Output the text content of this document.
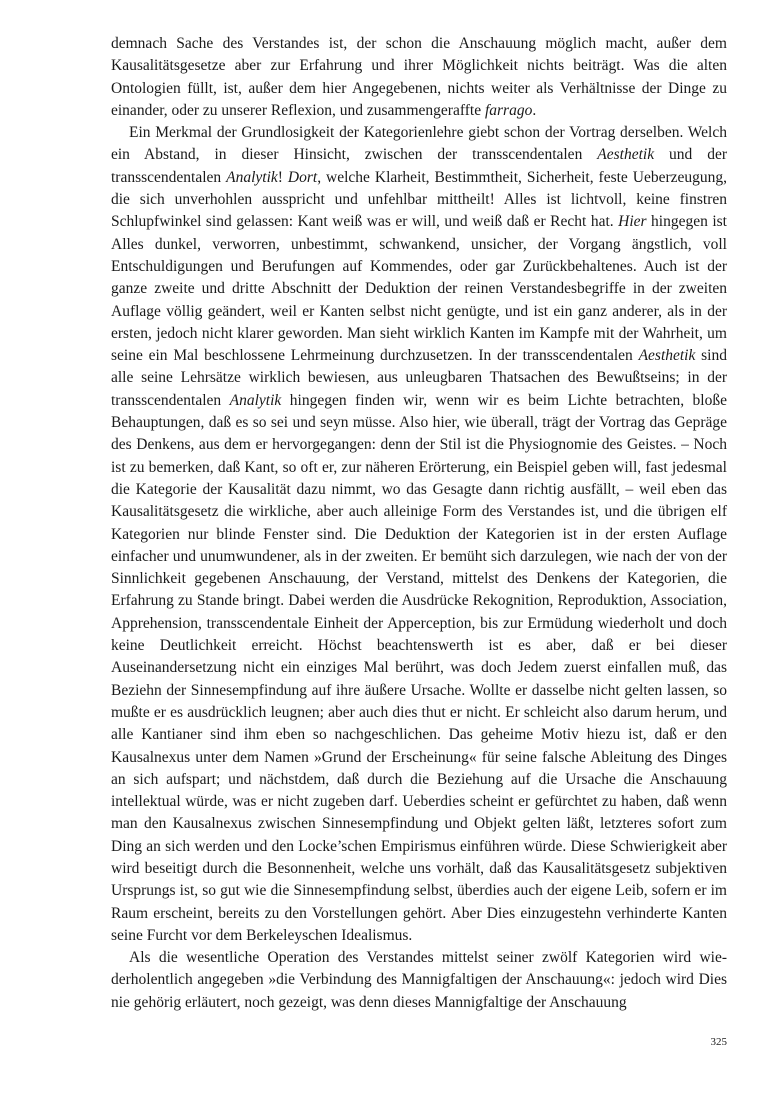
demnach Sache des Verstandes ist, der schon die Anschauung möglich macht, außer dem Kausalitätsgesetze aber zur Erfahrung und ihrer Möglichkeit nichts beiträgt. Was die alten Ontologien füllt, ist, außer dem hier Angegebenen, nichts weiter als Verhältnisse der Dinge zu einander, oder zu unserer Reflexion, und zusammengeraffte farrago.

Ein Merkmal der Grundlosigkeit der Kategorienlehre giebt schon der Vortrag derselben. Welch ein Abstand, in dieser Hinsicht, zwischen der transscendentalen Aesthetik und der transscendentalen Analytik! Dort, welche Klarheit, Bestimmtheit, Sicherheit, feste Ueberzeugung, die sich unverhohlen ausspricht und unfehlbar mittheilt! Alles ist lichtvoll, keine finstren Schlupfwinkel sind gelassen: Kant weiß was er will, und weiß daß er Recht hat. Hier hingegen ist Alles dunkel, verworren, unbestimmt, schwankend, unsicher, der Vorgang ängstlich, voll Entschuldigungen und Berufungen auf Kommendes, oder gar Zurückbehaltenes. Auch ist der ganze zweite und dritte Abschnitt der Deduktion der reinen Verstandesbegriffe in der zweiten Auflage völlig geändert, weil er Kanten selbst nicht genügte, und ist ein ganz anderer, als in der ersten, jedoch nicht klarer geworden. Man sieht wirklich Kanten im Kampfe mit der Wahrheit, um seine ein Mal beschlossene Lehrmeinung durchzusetzen. In der transscendentalen Aesthetik sind alle seine Lehrsätze wirklich bewiesen, aus unleugbaren Thatsachen des Bewußtseins; in der transscendentalen Analytik hingegen finden wir, wenn wir es beim Lichte betrachten, bloße Behauptungen, daß es so sei und seyn müsse. Also hier, wie überall, trägt der Vortrag das Gepräge des Denkens, aus dem er hervorgegangen: denn der Stil ist die Physiognomie des Geistes. – Noch ist zu bemerken, daß Kant, so oft er, zur näheren Erörterung, ein Beispiel geben will, fast jedesmal die Kategorie der Kausalität dazu nimmt, wo das Gesagte dann richtig ausfällt, – weil eben das Kausalitätsgesetz die wirkliche, aber auch alleinige Form des Verstandes ist, und die übrigen elf Kategorien nur blinde Fenster sind. Die Deduktion der Kategorien ist in der ersten Auflage einfacher und unumwundener, als in der zweiten. Er bemüht sich darzulegen, wie nach der von der Sinnlichkeit gegebenen Anschauung, der Verstand, mittelst des Denkens der Kategorien, die Erfahrung zu Stande bringt. Dabei werden die Ausdrücke Rekognition, Reproduktion, Association, Apprehension, transscendentale Einheit der Apperception, bis zur Ermüdung wiederholt und doch keine Deutlichkeit erreicht. Höchst beachtenswerth ist es aber, daß er bei dieser Auseinandersetzung nicht ein einziges Mal berührt, was doch Jedem zuerst einfallen muß, das Beziehn der Sinnesempfindung auf ihre äußere Ursache. Wollte er dasselbe nicht gelten lassen, so mußte er es ausdrücklich leugnen; aber auch dies thut er nicht. Er schleicht also darum herum, und alle Kantianer sind ihm eben so nachgeschlichen. Das geheime Motiv hiezu ist, daß er den Kausalnexus unter dem Namen »Grund der Erscheinung« für seine falsche Ableitung des Dinges an sich aufspart; und nächstdem, daß durch die Beziehung auf die Ursache die Anschauung intellektual würde, was er nicht zugeben darf. Ueberdies scheint er gefürchtet zu haben, daß wenn man den Kausalnexus zwischen Sinnesempfindung und Objekt gelten läßt, letzteres sofort zum Ding an sich werden und den Locke’schen Empirismus einführen würde. Diese Schwierigkeit aber wird beseitigt durch die Besonnenheit, welche uns vorhält, daß das Kausalitätsgesetz subjektiven Ursprungs ist, so gut wie die Sinnesempfindung selbst, überdies auch der eigene Leib, sofern er im Raum erscheint, bereits zu den Vorstellungen gehört. Aber Dies einzugestehn verhinderte Kanten seine Furcht vor dem Berkeleyschen Idealismus.

Als die wesentliche Operation des Verstandes mittelst seiner zwölf Kategorien wird wiederholentlich angegeben »die Verbindung des Mannigfaltigen der Anschauung«: jedoch wird Dies nie gehörig erläutert, noch gezeigt, was denn dieses Mannigfaltige der Anschauung

325
